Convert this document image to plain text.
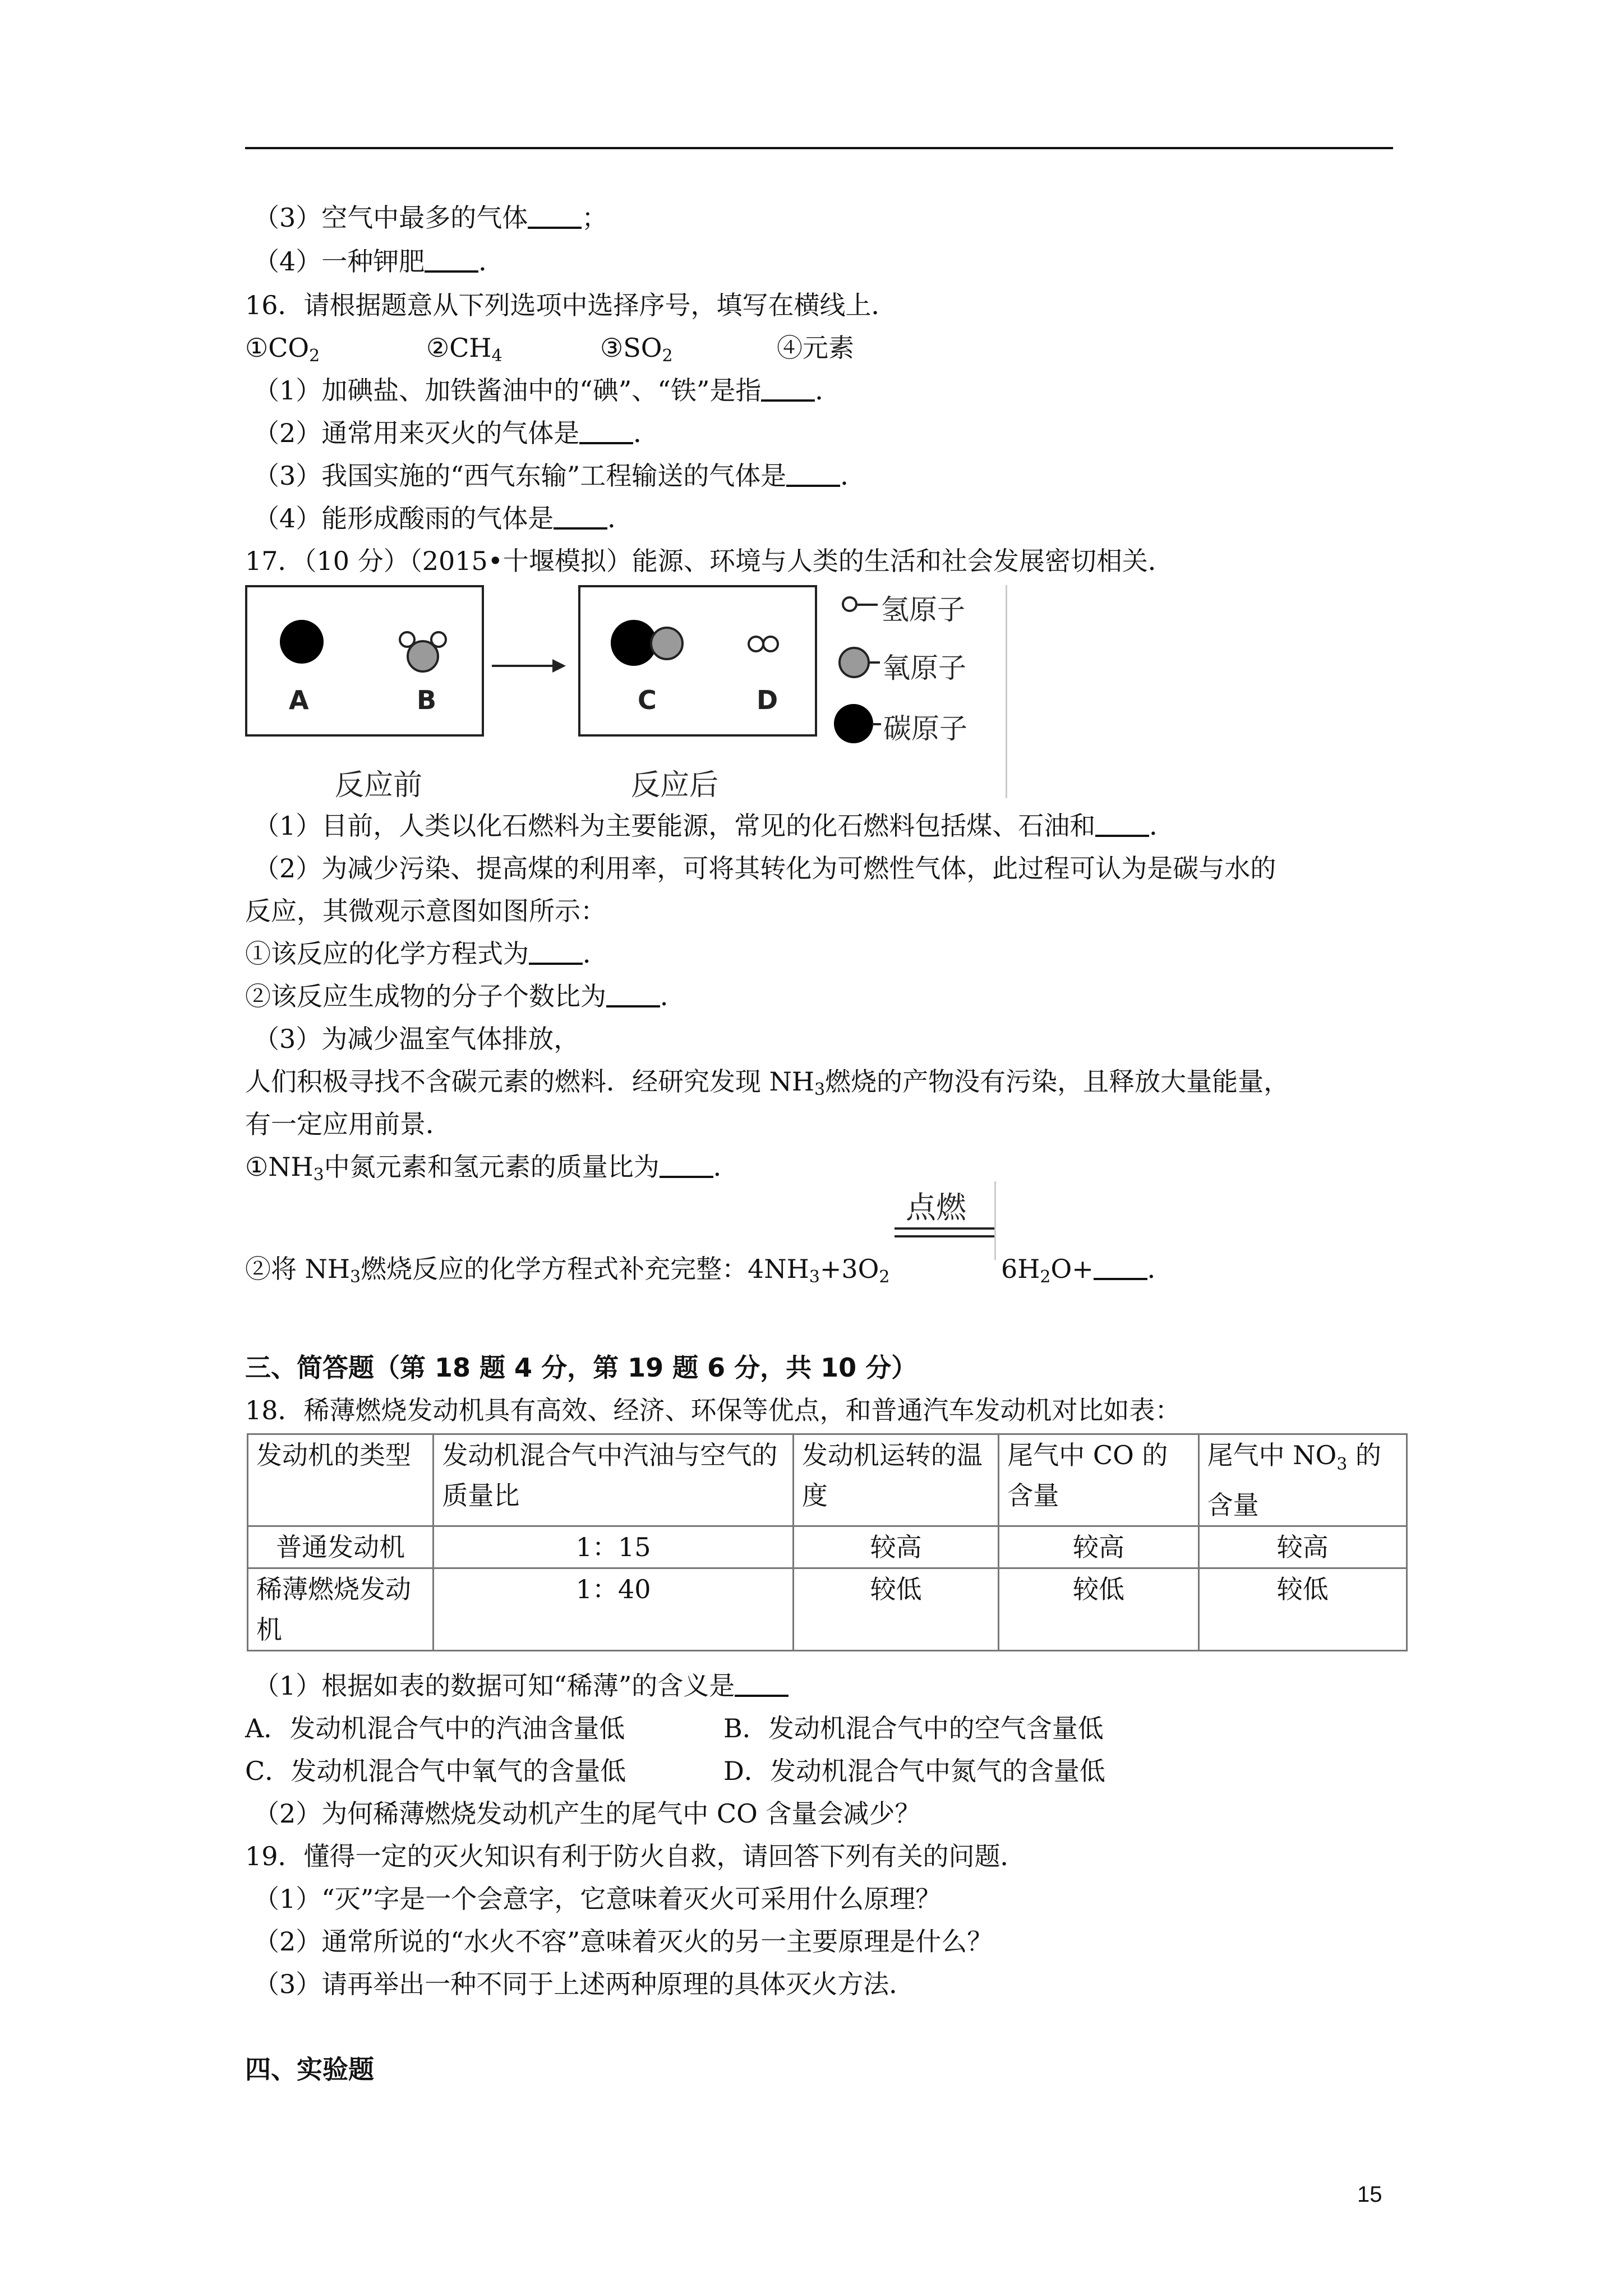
（3）空气中最多的气体 ；
（4）一种钾肥 ．
16．请根据题意从下列选项中选择序号，填写在横线上．
$①CO_2$	$②CH_4$	$③SO_2$	④元素
（1）加碘盐、加铁酱油中的“碘”、“铁”是指 ．
（2）通常用来灭火的气体是 ．
（3）我国实施的“西气东输”工程输送的气体是 ．
（4）能形成酸雨的气体是 ．
17．（10 分）（2015•十堰模拟）能源、环境与人类的生活和社会发展密切相关．
A	B	C	D
反应前	反应后
氢原子
氧原子
碳原子
（1）目前，人类以化石燃料为主要能源，常见的化石燃料包括煤、石油和 ．
（2）为减少污染、提高煤的利用率，可将其转化为可燃性气体，此过程可认为是碳与水的
反应，其微观示意图如图所示：
①该反应的化学方程式为 ．
②该反应生成物的分子个数比为 ．
（3）为减少温室气体排放，
人们积极寻找不含碳元素的燃料．经研究发现 $NH_3$燃烧的产物没有污染，且释放大量能量，
有一定应用前景．
$①NH_3$中氮元素和氢元素的质量比为 ．
点燃
②将 $NH_3$燃烧反应的化学方程式补充完整：$4NH_3+3O_2$	$6H_2O+$ ．
三、简答题（第 18 题 4 分，第 19 题 6 分，共 10 分）
18．稀薄燃烧发动机具有高效、经济、环保等优点，和普通汽车发动机对比如表：
发动机的类型	发动机混合气中汽油与空气的质量比	发动机运转的温度	尾气中 CO 的含量	尾气中 $NO_3$ 的含量
普通发动机	1：15	较高	较高	较高
稀薄燃烧发动机	1：40	较低	较低	较低
（1）根据如表的数据可知“稀薄”的含义是
A．发动机混合气中的汽油含量低	B．发动机混合气中的空气含量低
C．发动机混合气中氧气的含量低	D．发动机混合气中氮气的含量低
（2）为何稀薄燃烧发动机产生的尾气中 CO 含量会减少？
19．懂得一定的灭火知识有利于防火自救，请回答下列有关的问题．
（1）“灭”字是一个会意字，它意味着灭火可采用什么原理？
（2）通常所说的“水火不容”意味着灭火的另一主要原理是什么？
（3）请再举出一种不同于上述两种原理的具体灭火方法．
四、实验题
15
